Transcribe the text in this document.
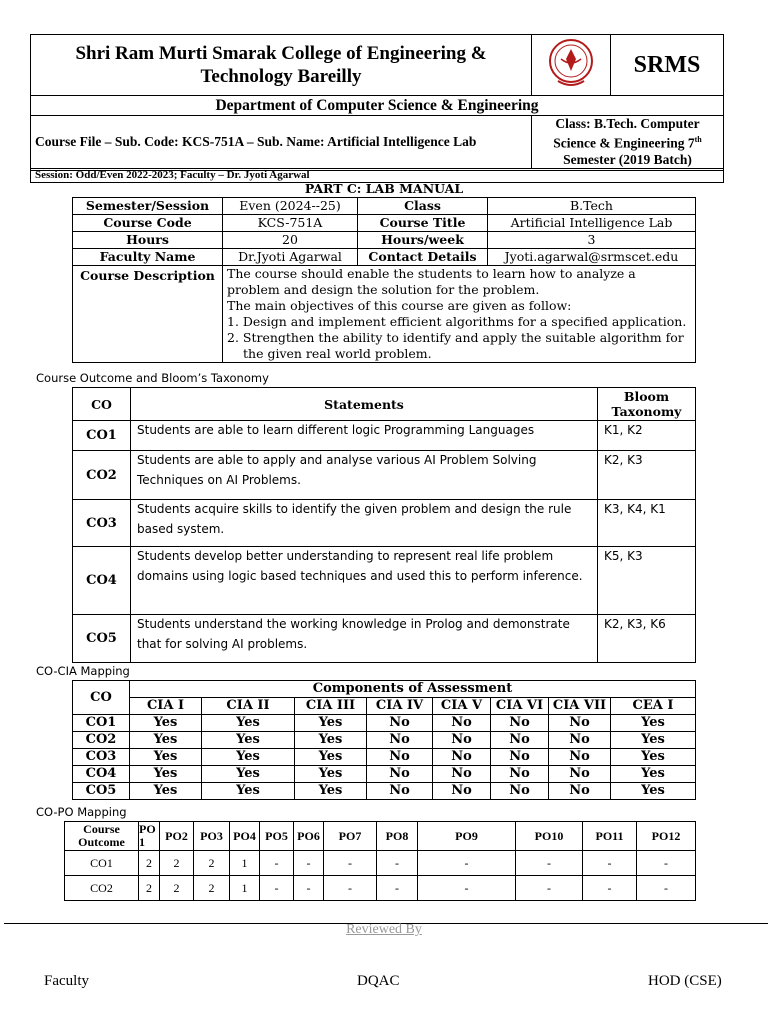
Shri Ram Murti Smarak College of Engineering & Technology Bareilly		SRMS
Department of Computer Science & Engineering		
Course File – Sub. Code: KCS-751A – Sub. Name: Artificial Intelligence Lab	Class: B.Tech. Computer Science & Engineering 7th Semester (2019 Batch)	
Session: Odd/Even 2022-2023; Faculty – Dr. Jyoti Agarwal		
PART C: LAB MANUAL
Semester/Session	Even (2024--25)	Class	B.Tech
Course Code	KCS-751A	Course Title	Artificial Intelligence Lab
Hours	20	Hours/week	3
Faculty Name	Dr.Jyoti Agarwal	Contact Details	Jyoti.agarwal@srmscet.edu
Course Description	The course should enable the students to learn how to analyze a problem and design the solution for the problem.
The main objectives of this course are given as follow:
1. Design and implement efficient algorithms for a specified application.
2. Strengthen the ability to identify and apply the suitable algorithm for the given real world problem.		
Course Outcome and Bloom’s Taxonomy
CO	Statements	Bloom Taxonomy
CO1	Students are able to learn different logic Programming Languages	K1, K2
CO2	Students are able to apply and analyse various AI Problem Solving Techniques on AI Problems.	K2, K3
CO3	Students acquire skills to identify the given problem and design the rule based system.	K3, K4, K1
CO4	Students develop better understanding to represent real life problem domains using logic based techniques and used this to perform inference.	K5, K3
CO5	Students understand the working knowledge in Prolog and demonstrate that for solving AI problems.	K2, K3, K6
CO-CIA Mapping
CO	Components of Assessment							
	CIA I	CIA II	CIA III	CIA IV	CIA V	CIA VI	CIA VII	CEA I
CO1	Yes	Yes	Yes	No	No	No	No	Yes
CO2	Yes	Yes	Yes	No	No	No	No	Yes
CO3	Yes	Yes	Yes	No	No	No	No	Yes
CO4	Yes	Yes	Yes	No	No	No	No	Yes
CO5	Yes	Yes	Yes	No	No	No	No	Yes
CO-PO Mapping
Course Outcome	PO 1	PO2	PO3	PO4	PO5	PO6	PO7	PO8	PO9	PO10	PO11	PO12
CO1	2	2	2	1	-	-	-	-	-	-	-	-
CO2	2	2	2	1	-	-	-	-	-	-	-	-
Reviewed By
Faculty	DQAC	HOD (CSE)
